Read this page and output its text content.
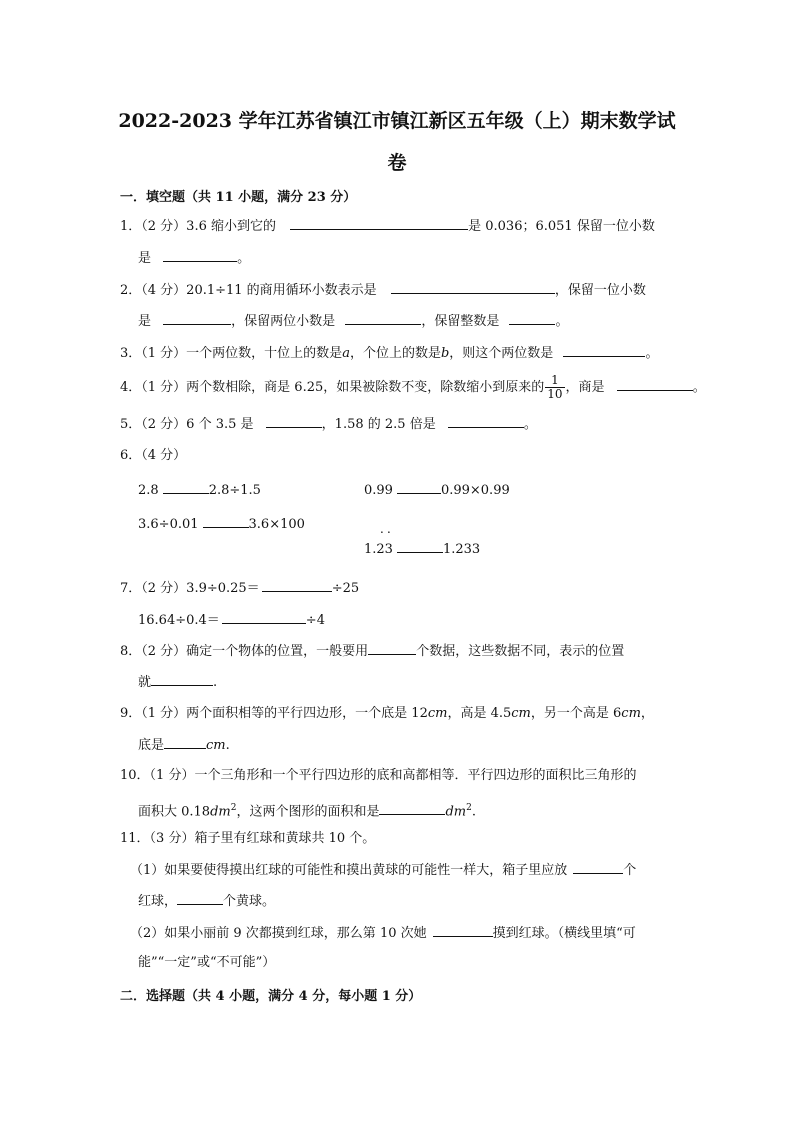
2022-2023 学年江苏省镇江市镇江新区五年级（上）期末数学试
卷
一．填空题（共 11 小题，满分 23 分）
1．（2 分）3.6 缩小到它的	是 0.036；6.051 保留一位小数
是	。
2．（4 分）20.1÷11 的商用循环小数表示是	，保留一位小数
是	，保留两位小数是	，保留整数是	。
3．（1 分）一个两位数，十位上的数是a，个位上的数是b，则这个两位数是	。
4．（1 分）两个数相除，商是 6.25，如果被除数不变，除数缩小到原来的 $\frac{1}{10}$ ，商是	。
5．（2 分）6 个 3.5 是	，1.58 的 2.5 倍是	。
6．（4 分）
2.8	2.8÷1.5	0.99	0.99×0.99
3.6÷0.01	3.6×100
1.
˙ ˙
23	1.233
7．（2 分）3.9÷0.25＝	÷25
16.64÷0.4＝	÷4
8．（2 分）确定一个物体的位置，一般要用	个数据，这些数据不同，表示的位置
就	.
9．（1 分）两个面积相等的平行四边形，一个底是 12cm，高是 4.5cm，另一个高是 6cm，
底是	cm.
10．（1 分）一个三角形和一个平行四边形的底和高都相等．平行四边形的面积比三角形的
面积大 $0.18dm^2$，这两个图形的面积和是	$dm^2$.
11．（3 分）箱子里有红球和黄球共 10 个。
（1）如果要使得摸出红球的可能性和摸出黄球的可能性一样大，箱子里应放	个
红球，	个黄球。
（2）如果小丽前 9 次都摸到红球，那么第 10 次她	摸到红球。（横线里填“可
能”“一定”或“不可能”）
二．选择题（共 4 小题，满分 4 分，每小题 1 分）
